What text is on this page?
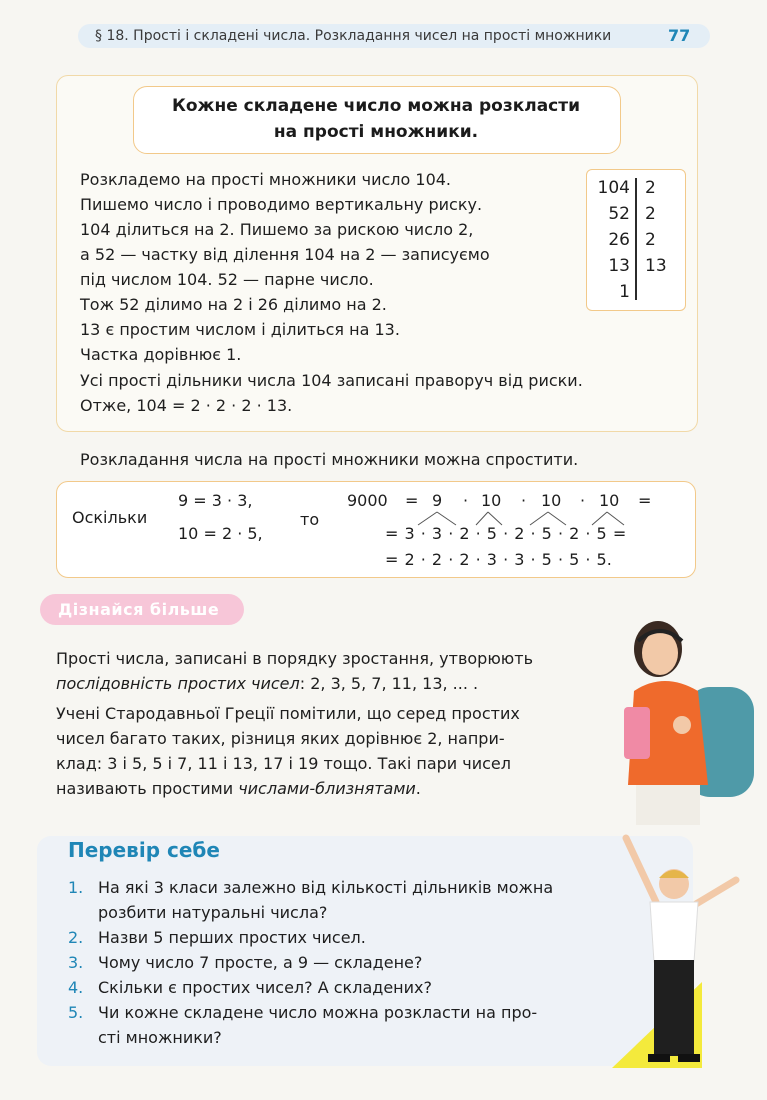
§ 18. Прості і складені числа. Розкладання чисел на прості множники	77
Кожне складене число можна розкласти
на прості множники.
Розкладемо на прості множники число 104.
Пишемо число і проводимо вертикальну риску.
104 ділиться на 2. Пишемо за рискою число 2,
а 52 — частку від ділення 104 на 2 — записуємо
під числом 104. 52 — парне число.
Тож 52 ділимо на 2 і 26 ділимо на 2.
13 є простим числом і ділиться на 13.
Частка дорівнює 1.
Усі прості дільники числа 104 записані праворуч від риски.
Отже, 104 = 2 · 2 · 2 · 13.
104
52
26
13
1
2
2
2
13
Розкладання числа на прості множники можна спростити.
Оскільки
9 = 3 · 3,
10 = 2 · 5,
то
9000 = 9 · 10 · 10 · 10 =
= 3 · 3 · 2 · 5 · 2 · 5 · 2 · 5 =
= 2 · 2 · 2 · 3 · 3 · 5 · 5 · 5.
Дізнайся більше
Прості числа, записані в порядку зростання, утворюють
послідовність простих чисел: 2, 3, 5, 7, 11, 13, ... .
Учені Стародавньої Греції помітили, що серед простих
чисел багато таких, різниця яких дорівнює 2, напри-
клад: 3 і 5, 5 і 7, 11 і 13, 17 і 19 тощо. Такі пари чисел
називають простими числами-близнятами.
Перевір себе
1. На які 3 класи залежно від кількості дільників можна
розбити натуральні числа?
2. Назви 5 перших простих чисел.
3. Чому число 7 просте, а 9 — складене?
4. Скільки є простих чисел? А складених?
5. Чи кожне складене число можна розкласти на про-
сті множники?
